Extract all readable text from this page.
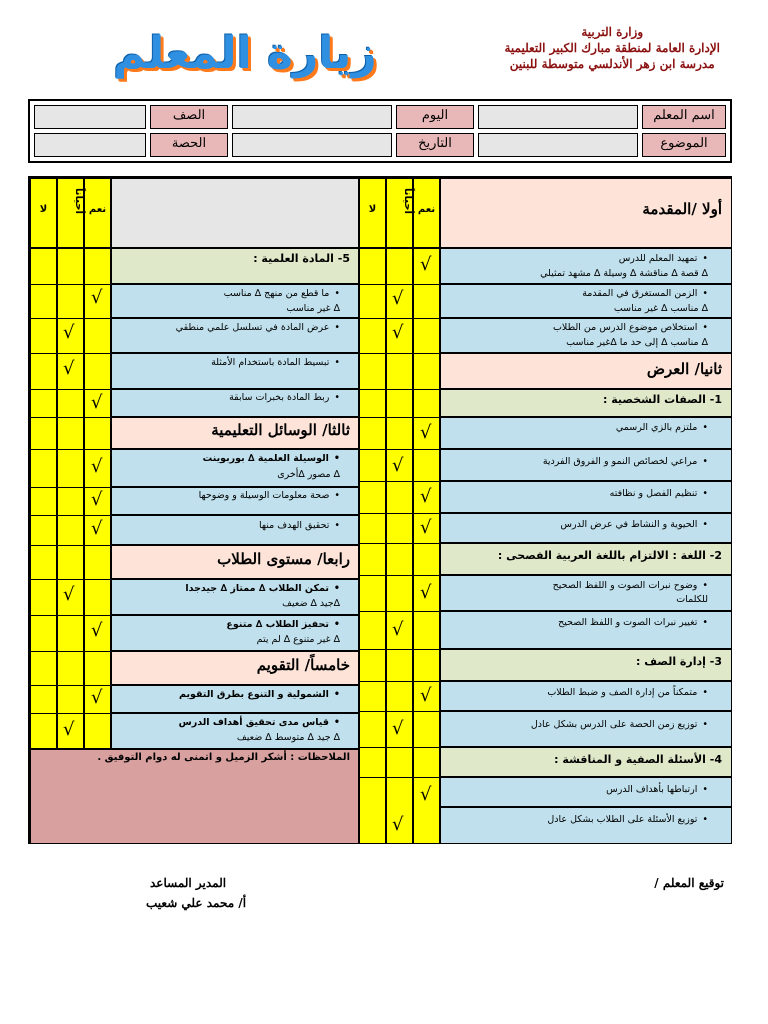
وزارة التربية
الإدارة العامة لمنطقة مبارك الكبير التعليمية
مدرسة ابن زهر الأندلسي متوسطة للبنين
زيارة المعلم
اسم المعلم
اليوم
الصف
الموضوع
التاريخ
الحصة
أولا /المقدمة
نعم
أحياناً
لا
• تمهيد المعلم للدرس
∆ قصة ∆ مناقشة ∆ وسيلة ∆ مشهد تمثيلي
• الزمن المستغرق في المقدمة
∆ مناسب ∆ غير مناسب
• استخلاص موضوع الدرس من الطلاب
∆ مناسب ∆ إلى حد ما ∆غير مناسب
ثانيا/ العرض
1- الصفات الشخصية :
• ملتزم بالزي الرسمي
• مراعي لخصائص النمو و الفروق الفردية
• تنظيم الفصل و نظافته
• الحيوية و النشاط في عرض الدرس
2- اللغة : الالتزام باللغة العربية الفصحى :
• وضوح نبرات الصوت و اللفظ الصحيح
للكلمات
• تغيير نبرات الصوت و اللفظ الصحيح
3- إدارة الصف :
• متمكناً من إدارة الصف و ضبط الطلاب
• توزيع زمن الحصة على الدرس بشكل عادل
4- الأسئلة الصفية و المناقشة :
• ارتباطها بأهداف الدرس
• توزيع الأسئلة على الطلاب بشكل عادل
√
√
√
√
√
√
√
√
√
√
√
√
√
نعم
أحياناً
لا
5- المادة العلمية :
• ما قطع من منهج ∆ مناسب
∆ غير مناسب
• عرض المادة في تسلسل علمي منطقي
• تبسيط المادة باستخدام الأمثلة
• ربط المادة بخبرات سابقة
ثالثا/ الوسائل التعليمية
• الوسيلة العلمية ∆ بوربوينت
∆ مصور ∆أخرى
• صحة معلومات الوسيلة و وضوحها
• تحقيق الهدف منها
رابعا/ مستوى الطلاب
• تمكن الطلاب ∆ ممتاز ∆ جيدجدا
∆جيد ∆ ضعيف
• تحفيز الطلاب ∆ متنوع
∆ غير متنوع ∆ لم يتم
خامساً/ التقويم
• الشمولية و التنوع بطرق التقويم
• قياس مدى تحقيق أهداف الدرس
∆ جيد ∆ متوسط ∆ ضعيف
√
√
√
√
√
√
√
√
√
√
√
الملاحظات : أشكر الزميل و اتمنى له دوام التوفيق .
توقيع المعلم /
المدير المساعد
أ/ محمد علي شعيب
